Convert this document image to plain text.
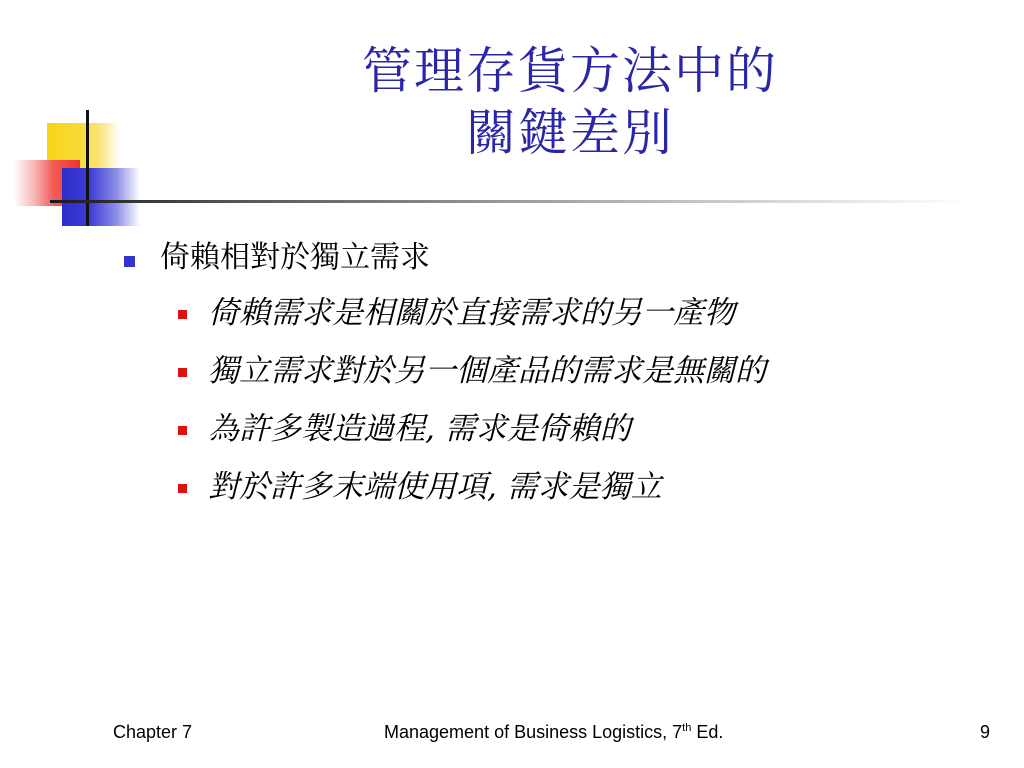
管理存貨方法中的
關鍵差別
倚賴相對於獨立需求
倚賴需求是相關於直接需求的另一產物
獨立需求對於另一個產品的需求是無關的
為許多製造過程, 需求是倚賴的
對於許多末端使用項, 需求是獨立
Chapter 7	Management of Business Logistics, 7th Ed.	9
